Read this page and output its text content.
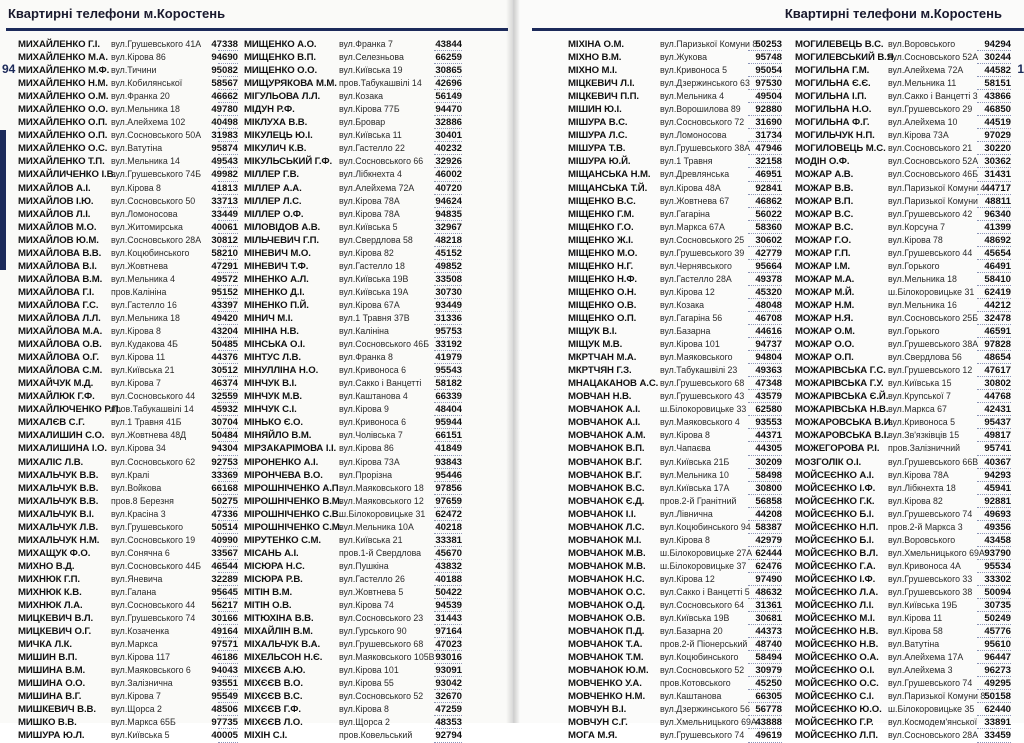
Квартирні телефони м.Коростень
94
МИХАЙЛЕНКО Г.І. вул.Грушевського 41А	47338
МИХАЙЛЕНКО М.А. вул.Кірова 86	94690
МИХАЙЛЕНКО М.Ф. вул.Тичини	95082
МИХАЙЛЕНКО Н.М. вул.Кобилянської	58567
МИХАЙЛЕНКО О.М. вул.Франка 20	46662
МИХАЙЛЕНКО О.О. вул.Мельника 18	49780
МИХАЙЛЕНКО О.П. вул.Алейхема 102	40498
МИХАЙЛЕНКО О.П. вул.Сосновського 50А	31983
МИХАЙЛЕНКО О.С. вул.Ватутіна	95874
МИХАЙЛЕНКО Т.П. вул.Мельника 14	49543
МИХАЙЛИЧЕНКО І.В.
вул.Грушевського 74Б	49982
МИХАЙЛОВ А.І. вул.Кірова 8	41813
МИХАЙЛОВ І.Ю. вул.Сосновського 50	33713
МИХАЙЛОВ Л.І. вул.Ломоносова	33449
МИХАЙЛОВ М.О. вул.Житомирська	40061
МИХАЙЛОВ Ю.М. вул.Сосновського 28А	30812
МИХАЙЛОВА В.В. вул.Коцюбинського	58210
МИХАЙЛОВА В.І. вул.Жовтнева	47291
МИХАЙЛОВА В.М. вул.Мельника 4	49572
МИХАЙЛОВА Г.І. пров.Калініна	95152
МИХАЙЛОВА Г.С. вул.Гастелло 16	43397
МИХАЙЛОВА Л.Л. вул.Мельника 18	49420
МИХАЙЛОВА М.А. вул.Кірова 8	43204
МИХАЙЛОВА О.В. вул.Кудакова 4Б	50485
МИХАЙЛОВА О.Г. вул.Кірова 11	44376
МИХАЙЛОВА С.М. вул.Київська 21	30512
МИХАЙЧУК М.Д. вул.Кірова 7	46374
МИХАЙЛЮК Г.Ф. вул.Сосновського 44	32559
МИХАЙЛЮЧЕНКО Р.П.
пров.Табукашвілі 14	45932
МИХАЛЄВ С.Г.	вул.1 Травня 41Б	30704
МИХАЛИШИН С.О. вул.Жовтнева 48Д	50484
МИХАЛИШИНА І.О. вул.Кірова 34	94304
МИХАЛІС Л.В.	вул.Сосновського 62	92753
МИХАЛЬЧУК В.В. вул.Кралі	33369
МИХАЛЬЧУК В.В. вул.Войкова	66168
МИХАЛЬЧУК В.В. пров.8 Березня	50275
МИХАЛЬЧУК В.І. вул.Красіна 3	47336
МИХАЛЬЧУК Л.В. вул.Грушевського	50514
МИХАЛЬЧУК Н.М. вул.Сосновського 19	40990
МИХАЩУК Ф.О. вул.Сонячна 6	33567
МИХНО В.Д.	вул.Сосновського 44Б	46544
МИХНЮК Г.П.	вул.Яневича	32289
МИХНЮК К.В.	вул.Галана	95645
МИХНЮК Л.А.	вул.Сосновського 44	56217
МИЦКЕВИЧ В.Л. вул.Грушевського 74	30166
МИЦКЕВИЧ О.Г. вул.Козаченка	49164
МИЧКА Л.К.	вул.Маркса	97571
МИШИН В.П.	вул.Кірова 117	46186
МИШИНА В.М.	вул.Маяковського 6	94043
МИШИНА О.О.	вул.Залізнична	93551
МИШИНА В.Г.	вул.Кірова 7	95549
МИШКЕВИЧ В.В. вул.Щорса 2	48506
МИШКО В.В.	вул.Маркса 65Б	97735
МИШУРА Ю.Л.	вул.Київська 5	40005
МИЩЕНКО А.О.	вул.Франка 7	43844
МИЩЕНКО В.П.	вул.Селезньова	66259
МИЩЕНКО О.О. вул.Київська 19	30865
МИЩУРЯКОВА М.М. пров.Табукашвілі 14	42696
МІГУЛЬОВА Л.Л. вул.Козака	56149
МІДУН Р.Ф.	вул.Кірова 77Б	94470
МІКЛУХА В.В.	вул.Бровар	32886
МІКУЛЕЦЬ Ю.І.	вул.Київська 11	30401
МІКУЛИЧ К.В.	вул.Гастелло 22	40232
МІКУЛЬСЬКИЙ Г.Ф. вул.Сосновського 66	32926
МІЛЛЕР Г.В.	вул.Лібкнехта 4	46002
МІЛЛЕР А.А.	вул.Алейхема 72А	40720
МІЛЛЕР Л.С.	вул.Кірова 78А	94624
МІЛЛЕР О.Ф.	вул.Кірова 78А	94835
МІЛОВІДОВ А.В. вул.Київська 5	32967
МІЛЬЧЕВИЧ Г.П. вул.Свердлова 58	48218
МІНЕВИЧ М.О.	вул.Кірова 82	45152
МІНЕВИЧ Т.Ф.	вул.Гастелло 18	49852
МІНЕНКО А.Л.	вул.Київська 19В	33508
МІНЕНКО Д.І.	вул.Київська 19А	30730
МІНЕНКО П.Й.	вул.Кірова 67А	93449
МІНИЧ М.І.	вул.1 Травня 37В	31336
МІНІНА Н.В.	вул.Калініна	95753
МІНСЬКА О.І.	вул.Сосновського 46Б 33192
МІНТУС Л.В.	вул.Франка 8	41979
МІНУЛЛІНА Н.О. вул.Кривоноса 6	95543
МІНЧУК В.І.	вул.Сакко і Ванцетті	58182
МІНЧУК М.В.	вул.Каштанова 4	66339
МІНЧУК С.І.	вул.Кірова 9	48404
МІНЬКО Є.О.	вул.Кривоноса 6	95944
МІНЯЙЛО В.М.	вул.Чолівська 7	66151
МІРЗАКАРІМОВА І.І. вул.Кірова 86	41849
МІРОНЕНКО А.І. вул.Кірова 73А	93843
МІРОНЧЕВА В.О. вул.Прорізна	95446
МІРОШНІЧЕНКО А.П.
вул.Маяковського 18	97856
МІРОШНІЧЕНКО В.М.
вул.Маяковського 12	97659
МІРОШНІЧЕНКО С.В.
ш.Білокоровицьке 31	62472
МІРОШНІЧЕНКО С.М.
вул.Мельника 10А	40218
МІРУТЕНКО С.М. вул.Київська 21	33381
МІСАНЬ А.І.	пров.1-й Свердлова	45670
МІСЮРА Н.С.	вул.Пушкіна	43832
МІСЮРА Р.В.	вул.Гастелло 26	40188
МІТІН В.М.	вул.Жовтнева 5	50422
МІТІН О.В.	вул.Кірова 74	94539
МІТЮХІНА В.В.	вул.Сосновського 23	31443
МІХАЙЛІН В.М.	вул.Гурського 90	97164
МІХАЛЬЧУК В.А. вул.Грушевського 68	47023
МІХЕЛЬСОН Н.Є. вул.Маяковського 105В 93016
МІХЄЄВ А.Ю.	вул.Кірова 101	93091
МІХЄЄВ В.О.	вул.Кірова 55	93042
МІХЄЄВ В.С.	вул.Сосновського 52	32670
МІХЄЄВ Г.Ф.	вул.Кірова 8	47259
МІХЄЄВ Л.О.	вул.Щорса 2	48353
МІХІН С.І.	пров.Ковельський	92794
Квартирні телефони м.Коростень
1
МІХІНА О.М.	вул.Паризької Комуни 8
50253
МІХНО В.М.	вул.Жукова	95748
МІХНО М.І.	вул.Кривоноса 5	95054
МІЦКЕВИЧ Л.І.	вул.Дзержинського 63 97530
МІЦКЕВИЧ П.П. вул.Мельника 4	49504
МІШИН Ю.І.	вул.Ворошилова 89	92880
МІШУРА В.С.	вул.Сосновського 72	31690
МІШУРА Л.С.	вул.Ломоносова	31734
МІШУРА Т.В.	вул.Грушевського 38А 47946
МІШУРА Ю.Й.	вул.1 Травня	32158
МІЩАНСЬКА Н.М. вул.Древлянська	46951
МІЩАНСЬКА Т.Й. вул.Кірова 48А	92841
МІЩЕНКО В.С.	вул.Жовтнева 67	46862
МІЩЕНКО Г.М.	вул.Гагаріна	56022
МІЩЕНКО Г.О.	вул.Маркса 67А	58360
МІЩЕНКО Ж.І.	вул.Сосновського 25	30602
МІЩЕНКО М.О.	вул.Грушевського 39	42779
МІЩЕНКО Н.Г.	вул.Чернявського	95664
МІЩЕНКО Н.Ф.	вул.Гастелло 28А	49378
МІЩЕНКО О.Н.	вул.Кірова 12	45320
МІЩЕНКО О.В.	вул.Козака	48048
МІЩЕНКО О.П.	вул.Гагаріна 56	46708
МІЩУК В.І.	вул.Базарна	44616
МІЩУК М.В.	вул.Кірова 101	94737
МКРТЧАН М.А.	вул.Маяковського	94804
МКРТЧЯН Г.З.	вул.Табукашвілі 23	49363
МНАЦАКАНОВ А.С. вул.Грушевського 68	47348
МОВЧАН Н.В.	вул.Грушевського 43	43579
МОВЧАНОК А.І. ш.Білокоровицьке 33 62580
МОВЧАНОК А.І. вул.Маяковського 4	93553
МОВЧАНОК А.М. вул.Кірова 8	44371
МОВЧАНОК В.П. вул.Чапаєва	44305
МОВЧАНОК В.Г. вул.Київська 21Б	30209
МОВЧАНОК В.Г. вул.Мельника 10	58498
МОВЧАНОК В.С. вул.Київська 17А	30800
МОВЧАНОК Є.Д. пров.2-й Гранітний	56858
МОВЧАНОК І.І.	вул.Лівнична	44208
МОВЧАНОК Л.С. вул.Коцюбинського 94 58387
МОВЧАНОК М.І. вул.Кірова 8	42979
МОВЧАНОК М.В. ш.Білокоровицьке 27А 62444
МОВЧАНОК М.В. ш.Білокоровицьке 37 62476
МОВЧАНОК Н.С. вул.Кірова 12	97490
МОВЧАНОК О.С. вул.Сакко і Ванцетті 5 48632
МОВЧАНОК О.Д. вул.Сосновського 64	31361
МОВЧАНОК О.В. вул.Київська 19В	30681
МОВЧАНОК П.Д. вул.Базарна 20	44373
МОВЧАНОК Т.А. пров.2-й Піонерський 48740
МОВЧАНОК Т.М. вул.Коцюбинського	58494
МОВЧАНОК Ю.М. вул.Сосновського 52	30979
МОВЧЕНКО У.А. пров.Котовського	45250
МОВЧЕНКО Н.М. вул.Каштанова	66305
МОВЧУН В.І.	вул.Дзержинського 56 56778
МОВЧУН С.Г.	вул.Хмельницького 69А
43888
МОГА М.Я.	вул.Грушевського 74	49619
МОГИЛЕВЕЦЬ В.С. вул.Воровського	94294
МОГИЛЕВСЬКИЙ В.Я.
вул.Сосновського 52А 30244
МОГИЛЬНА Г.М. вул.Алейхема 72А	44582
МОГИЛЬНА Є.Є. вул.Мельника 11	58151
МОГИЛЬНА І.П. вул.Сакко і Ванцетті 3 43866
МОГИЛЬНА Н.О. вул.Грушевського 29	46850
МОГИЛЬНА Ф.Г. вул.Алейхема 10	44519
МОГИЛЬЧУК Н.П. вул.Кірова 73А	97029
МОГИЛОВЕЦЬ М.С. вул.Сосновського 21	30220
МОДІН О.Ф.	вул.Сосновського 52А 30362
МОЖАР А.В.	вул.Сосновського 46Б 31431
МОЖАР В.В.	вул.Паризької Комуни 4 44717
МОЖАР В.П.	вул.Паризької Комуни 48811
МОЖАР В.С.	вул.Грушевського 42	96340
МОЖАР В.С.	вул.Корсуна 7	41399
МОЖАР Г.О.	вул.Кірова 78	48692
МОЖАР Г.П.	вул.Грушевського 44	45654
МОЖАР І.М.	вул.Горького	46491
МОЖАР М.А.	вул.Мельника 18	58410
МОЖАР М.Й.	ш.Білокоровицьке 31	62419
МОЖАР Н.М.	вул.Мельника 16	44212
МОЖАР Н.Я.	вул.Сосновського 25Б 32478
МОЖАР О.М.	вул.Горького	46591
МОЖАР О.О.	вул.Грушевського 38А 97828
МОЖАР О.П.	вул.Свердлова 56	48654
МОЖАРІВСЬКА Г.С. вул.Грушевського 12	47617
МОЖАРІВСЬКА Г.У. вул.Київська 15	30802
МОЖАРІВСЬКА Є.Й. вул.Крупської 7	44768
МОЖАРІВСЬКА Н.В. вул.Маркса 67	42431
МОЖАРОВСЬКА В.И.
вул.Кривоноса 5	95437
МОЖАРОВСЬКА В.І. вул.Зв'язківців 15	49817
МОЖЕГОРОВА Р.І. пров.Залізничний	95741
МОЗГОЛІК О.І.	вул.Грушевського 66В 40367
МОЙСЕЄНКО А.І. вул.Кірова 78А	94293
МОЙСЕЄНКО І.Ф. вул.Лібкнехта 18	45941
МОЙСЕЄНКО Г.К. вул.Кірова 82	92881
МОЙСЕЄНКО Б.І. вул.Грушевського 74	49693
МОЙСЕЄНКО Н.П. пров.2-й Маркса 3	49356
МОЙСЕЄНКО Б.І. вул.Воровського	43458
МОЙСЕЄНКО В.Л. вул.Хмельницького 69А 93790
МОЙСЕЄНКО Г.А. вул.Кривоноса 4А	95534
МОЙСЕЄНКО І.Ф. вул.Грушевського 33	33302
МОЙСЕЄНКО Л.А. вул.Грушевського 38	50094
МОЙСЕЄНКО Л.І. вул.Київська 19Б	30735
МОЙСЕЄНКО М.І. вул.Кірова 11	50249
МОЙСЕЄНКО Н.В. вул.Кірова 58	45776
МОЙСЕЄНКО Н.В. вул.Ватутіна	95610
МОЙСЕЄНКО О.А. вул.Алейхема 17А	96447
МОЙСЕЄНКО О.І. вул.Алейхема 3	96273
МОЙСЕЄНКО О.С. вул.Грушевського 74	49295
МОЙСЕЄНКО С.І. вул.Паризької Комуни 8 50158
МОЙСЕЄНКО Ю.О. ш.Білокоровицьке 35	62440
МОЙСЕЄНКО Г.Р. вул.Космодем'янської 33891
МОЙСЕЄНКО Л.П. вул.Сосновського 28А 33459
